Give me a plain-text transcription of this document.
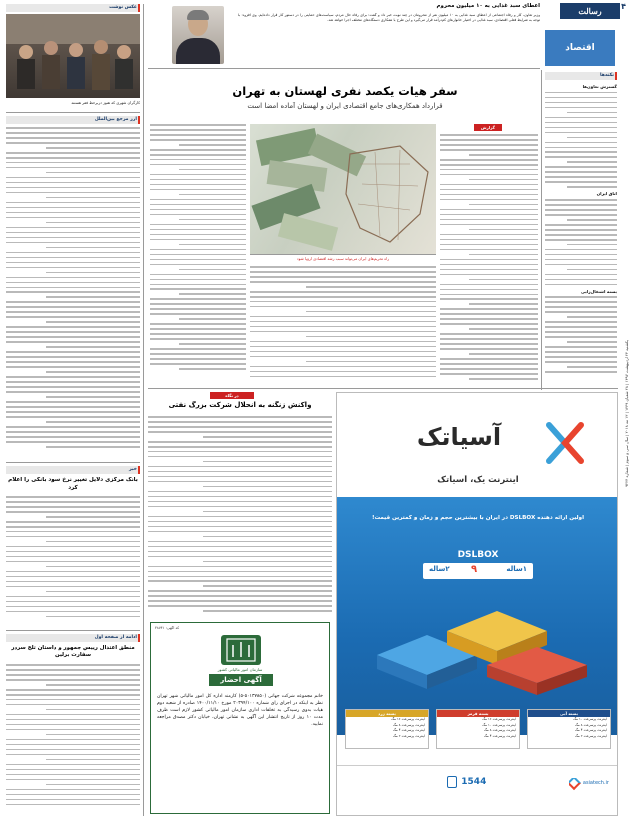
۴
یکشنبه ۲۳ اردیبهشت ۱۳۹۷ | ۲۸ شعبان ۱۴۳۹ | ۱۳ مه ۲۰۱۸ | سال سی و سوم | شماره ۹۲۲۴
رسالت
اقتصاد
اعطای سبد غذایی به ۱۰ میلیون محروم
وزیر تعاون، کار و رفاه اجتماعی از اعطای سبد غذایی به ۱۰ میلیون نفر از محرومان در چند نوبت خبر داد و گفت: برای رفاه حال مردم، سیاست‌های حمایتی را در دستور کار قرار داده‌ایم. وی افزود: با توجه به شرایط فعلی اقتصادی، سبد غذایی در اختیار خانوارهای کم‌درآمد قرار می‌گیرد و این طرح با همکاری دستگاه‌های مختلف اجرا خواهد شد.
نکته‌ها
گسترش تعاون‌ها
اتاق ایران
بسته اشتغال‌زایی
سفر هیات یکصد نفری لهستان به تهران
قرارداد همکاری‌های جامع اقتصادی ایران و لهستان آماده امضا است
راه‌ تحریم‌های ایران می‌تواند سبب رشد اقتصادی اروپا شود
گزارش
عکس نوشت
کارگران شهری که هنوز دربرخط فقر هستند
ارز مرجع بین‌الملل
خبر
بانک مرکزی دلایل تغییر نرخ سود بانکی را اعلام کرد
ادامه از صفحه اول
منطق اعتدال رییس جمهور و داستان تلخ سردر سفارت برلین
در نگاه
واکنش زنگنه به انحلال شرکت بزرگ نفتی
کد آگهی: ۴۸۷۴۱
سازمان امور مالیاتی کشور
آگهی احضار
خانم مجموعه شرکت جهانی (۵۰۱۳۷۸۵۰-۵) کارمند اداره کل امور مالیاتی شهر تهران نظر به اینکه در اجرای رای شماره ۲۰۳۹۴/۱۰۰ مورخ ۱۴۰۰/۱۱/۱۰ صادره از شعبه دوم هیات بدوی رسیدگی به تخلفات اداری سازمان امور مالیاتی کشور لازم است ظرف مدت ۱۰ روز از تاریخ انتشار این آگهی به نشانی تهران، خیابان دکتر مصدق مراجعه نمایید.
آسیاتک
اینترنت یک، آسیاتک
اولین ارائه دهنده DSLBOX در ایران با بیشترین حجم و زمان و کمترین قیمت!
DSLBOX
۱ساله
۹
۲ساله
بسته زرد
اینترنت پرسرعت ۱۶ مگ
اینترنت پرسرعت ۸ مگ
اینترنت پرسرعت ۴ مگ
اینترنت پرسرعت ۲ مگ
بسته قرمز
اینترنت پرسرعت ۱۶ مگ
اینترنت پرسرعت ۱۰ مگ
اینترنت پرسرعت ۸ مگ
اینترنت پرسرعت ۴ مگ
بسته آبی
اینترنت پرسرعت ۱۰ مگ
اینترنت پرسرعت ۸ مگ
اینترنت پرسرعت ۴ مگ
اینترنت پرسرعت ۲ مگ
asiatech.ir
1544
